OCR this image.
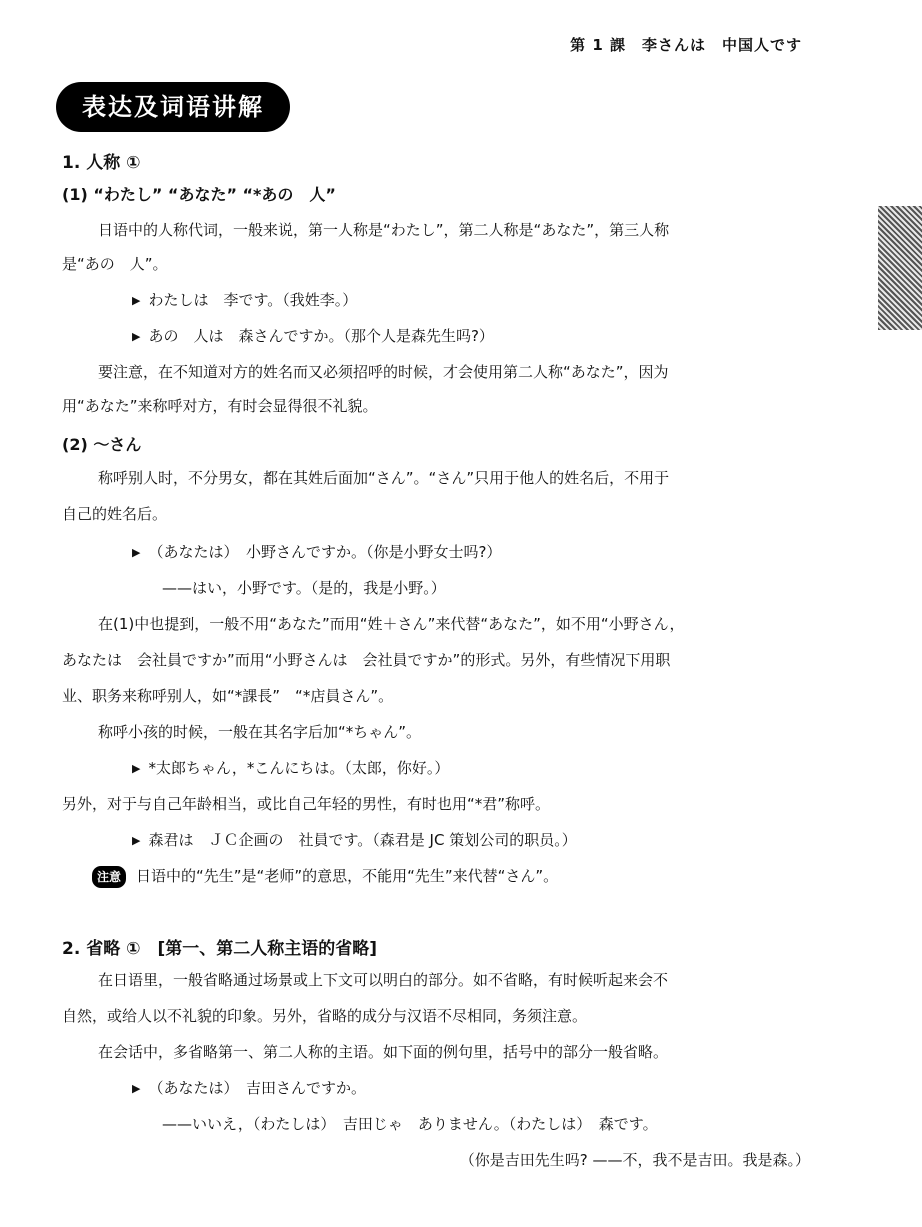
第 1 課　李さんは　中国人です
表达及词语讲解
1. 人称 ①
(1) “わたし” “あなた” “*あの　人”
日语中的人称代词，一般来说，第一人称是“わたし”，第二人称是“あなた”，第三人称
是“あの　人”。
▶ わたしは　李です。（我姓李。）
▶ あの　人は　森さんですか。（那个人是森先生吗?）
要注意，在不知道对方的姓名而又必须招呼的时候，才会使用第二人称“あなた”，因为
用“あなた”来称呼对方，有时会显得很不礼貌。
(2) ～さん
称呼别人时，不分男女，都在其姓后面加“さん”。“さん”只用于他人的姓名后，不用于
自己的姓名后。
▶ （あなたは）　小野さんですか。（你是小野女士吗?）
——はい，小野です。（是的，我是小野。）
在(1)中也提到，一般不用“あなた”而用“姓＋さん”来代替“あなた”，如不用“小野さん，
あなたは　会社員ですか”而用“小野さんは　会社員ですか”的形式。另外，有些情况下用职
业、职务来称呼别人，如“*課長”　“*店員さん”。
称呼小孩的时候，一般在其名字后加“*ちゃん”。
▶ *太郎ちゃん，*こんにちは。（太郎，你好。）
另外，对于与自己年龄相当，或比自己年轻的男性，有时也用“*君”称呼。
▶ 森君は　ＪＣ企画の　社員です。（森君是 JC 策划公司的职员。）
注意 日语中的“先生”是“老师”的意思，不能用“先生”来代替“さん”。
2. 省略 ①　[第一、第二人称主语的省略]
在日语里，一般省略通过场景或上下文可以明白的部分。如不省略，有时候听起来会不
自然，或给人以不礼貌的印象。另外，省略的成分与汉语不尽相同，务须注意。
在会话中，多省略第一、第二人称的主语。如下面的例句里，括号中的部分一般省略。
▶ （あなたは）　吉田さんですか。
——いいえ，（わたしは）　吉田じゃ　ありません。（わたしは）　森です。
（你是吉田先生吗? ——不，我不是吉田。我是森。）
